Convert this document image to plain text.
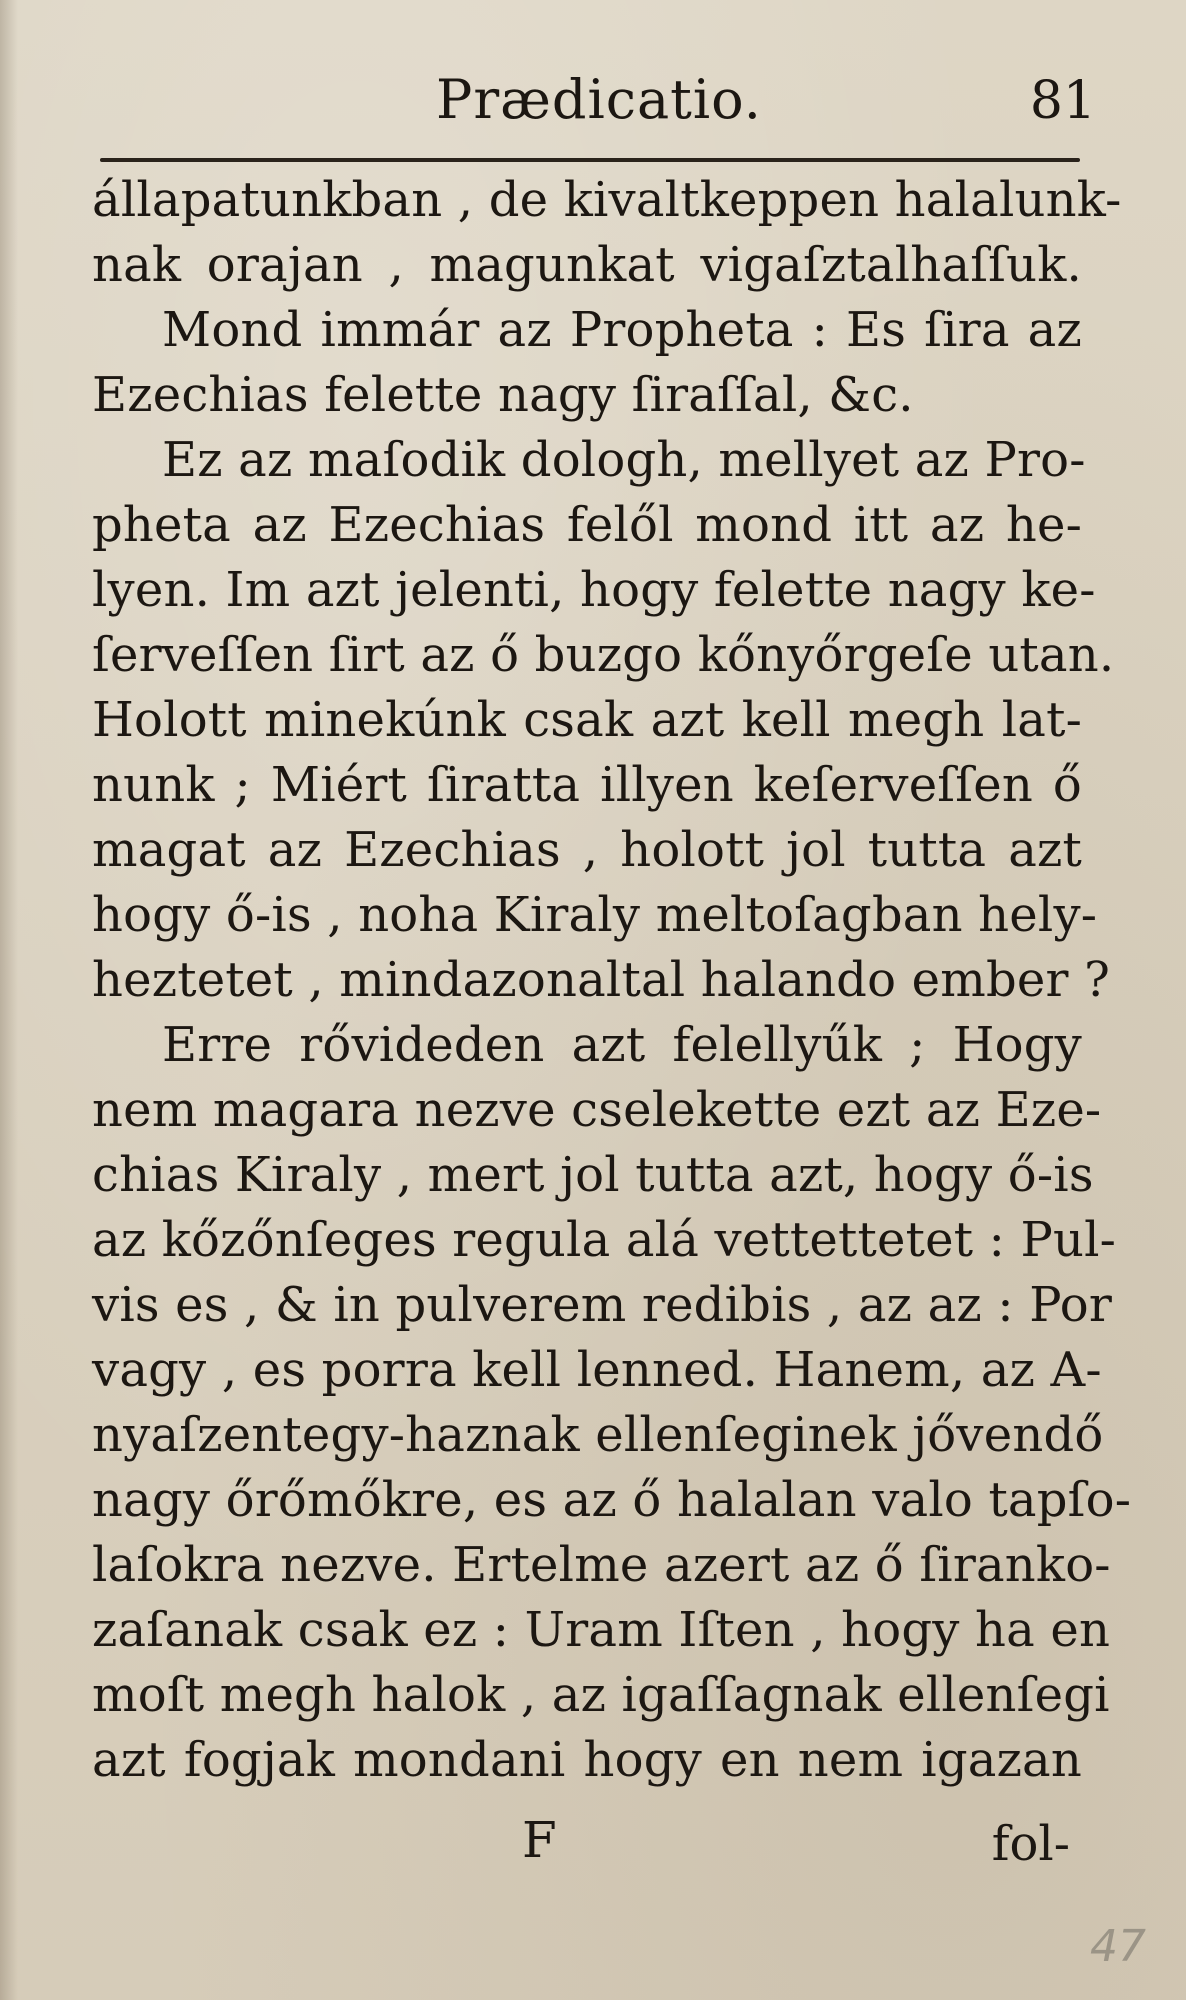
Prædicatio.	81
állapatunkban , de kivaltkeppen halalunk-
nak orajan , magunkat vigaſztalhaſſuk.
Mond immár az Propheta : Es ſira az
Ezechias felette nagy ſiraſſal, &c.
Ez az maſodik dologh, mellyet az Pro-
pheta az Ezechias felől mond itt az he-
lyen. Im azt jelenti, hogy felette nagy ke-
ſerveſſen ſirt az ő buzgo kőnyőrgeſe utan.
Holott minekúnk csak azt kell megh lat-
nunk ; Miért ſiratta illyen keſerveſſen ő
magat az Ezechias , holott jol tutta azt
hogy ő-is , noha Kiraly meltoſagban hely-
heztetet , mindazonaltal halando ember ?
Erre rővideden azt felellyűk ; Hogy
nem magara nezve cselekette ezt az Eze-
chias Kiraly , mert jol tutta azt, hogy ő-is
az kőzőnſeges regula alá vettettetet : Pul-
vis es , & in pulverem redibis , az az : Por
vagy , es porra kell lenned. Hanem, az A-
nyaſzentegy-haznak ellenſeginek jővendő
nagy őrőmőkre, es az ő halalan valo tapſo-
laſokra nezve. Ertelme azert az ő ſiranko-
zaſanak csak ez : Uram Iſten , hogy ha en
moſt megh halok , az igaſſagnak ellenſegi
azt fogjak mondani hogy en nem igazan
F	fol-
47
